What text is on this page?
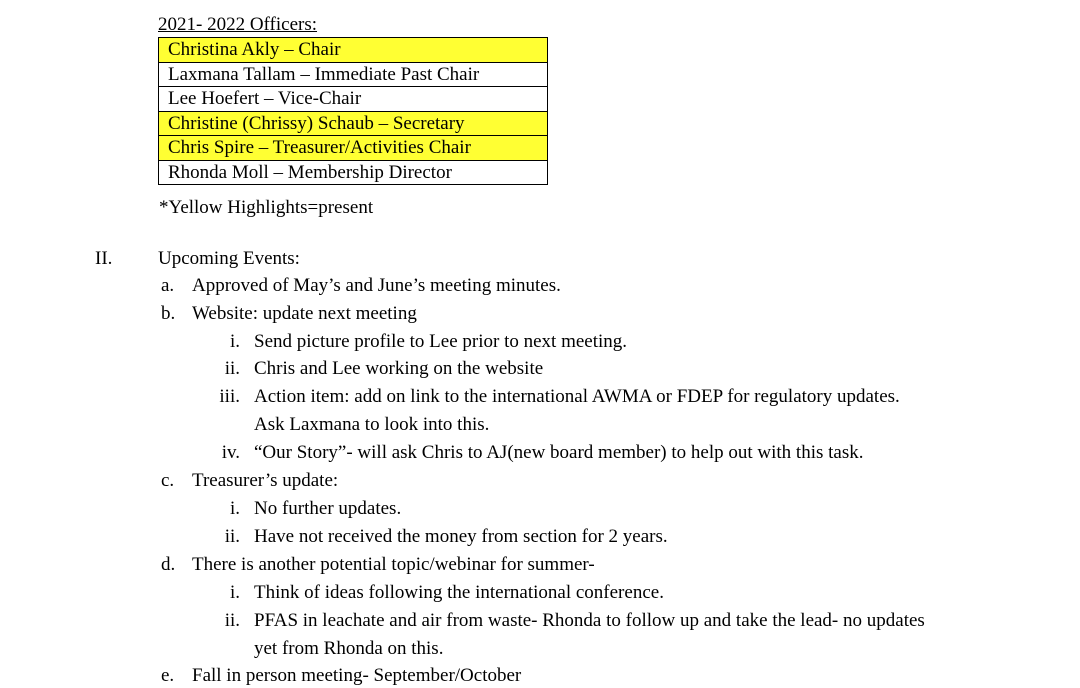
2021- 2022 Officers:
Christina Akly – Chair
Laxmana Tallam – Immediate Past Chair
Lee Hoefert – Vice-Chair
Christine (Chrissy) Schaub – Secretary
Chris Spire – Treasurer/Activities Chair
Rhonda Moll – Membership Director
*Yellow Highlights=present
II. Upcoming Events:
a. Approved of May’s and June’s meeting minutes.
b. Website: update next meeting
i. Send picture profile to Lee prior to next meeting.
ii. Chris and Lee working on the website
iii. Action item: add on link to the international AWMA or FDEP for regulatory updates.
Ask Laxmana to look into this.
iv. “Our Story”- will ask Chris to AJ(new board member) to help out with this task.
c. Treasurer’s update:
i. No further updates.
ii. Have not received the money from section for 2 years.
d. There is another potential topic/webinar for summer-
i. Think of ideas following the international conference.
ii. PFAS in leachate and air from waste- Rhonda to follow up and take the lead- no updates
yet from Rhonda on this.
e. Fall in person meeting- September/October
